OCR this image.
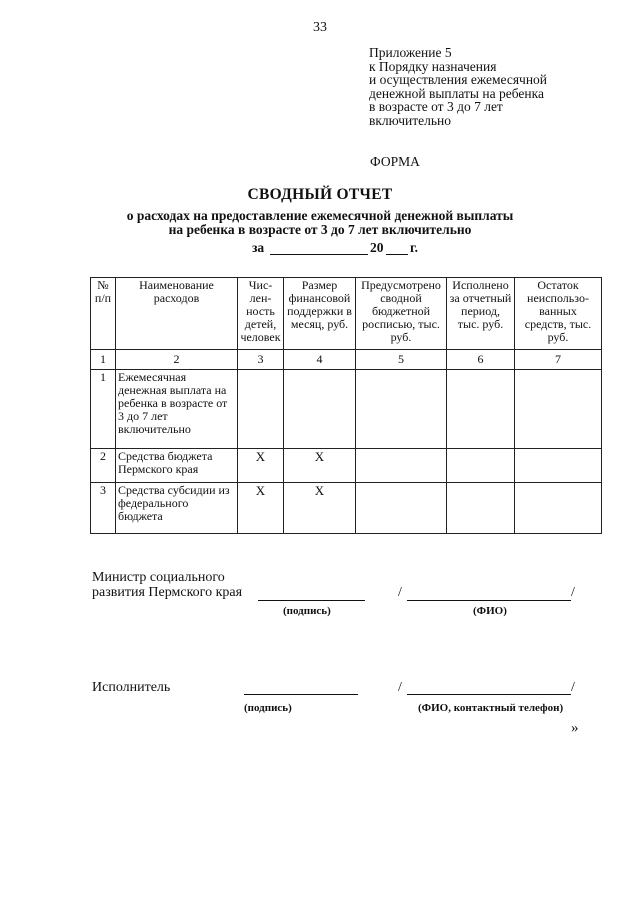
33
Приложение 5
к Порядку назначения
и осуществления ежемесячной
денежной выплаты на ребенка
в возрасте от 3 до 7 лет
включительно
ФОРМА
СВОДНЫЙ ОТЧЕТ
о расходах на предоставление ежемесячной денежной выплаты
на ребенка в возрасте от 3 до 7 лет включительно
за	20 г.
№ п/п	Наименование расходов	Чис-лен-ность детей, человек	Размер финансовой поддержки в месяц, руб.	Предусмотрено сводной бюджетной росписью, тыс. руб.	Исполнено за отчетный период, тыс. руб.	Остаток неиспользо-ванных средств, тыс. руб.
1	2	3	4	5	6	7
1	Ежемесячная денежная выплата на ребенка в возрасте от 3 до 7 лет включительно					
2	Средства бюджета Пермского края	X	X			
3	Средства субсидии из федерального бюджета	X	X			
Министр социального
развития Пермского края	/	/
(подпись)	(ФИО)
Исполнитель	/	/
(подпись)	(ФИО, контактный телефон)
»
